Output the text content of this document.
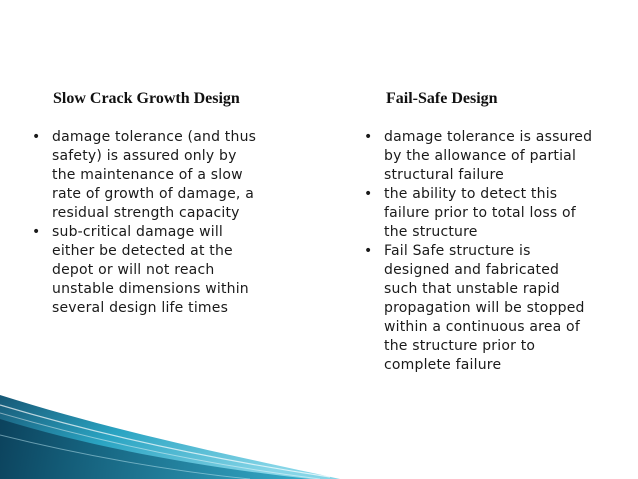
Slow Crack Growth Design	Fail-Safe Design
• damage tolerance (and thus
safety) is assured only by
the maintenance of a slow
rate of growth of damage, a
residual strength capacity
• sub-critical damage will
either be detected at the
depot or will not reach
unstable dimensions within
several design life times
• damage tolerance is assured
by the allowance of partial
structural failure
• the ability to detect this
failure prior to total loss of
the structure
• Fail Safe structure is
designed and fabricated
such that unstable rapid
propagation will be stopped
within a continuous area of
the structure prior to
complete failure
